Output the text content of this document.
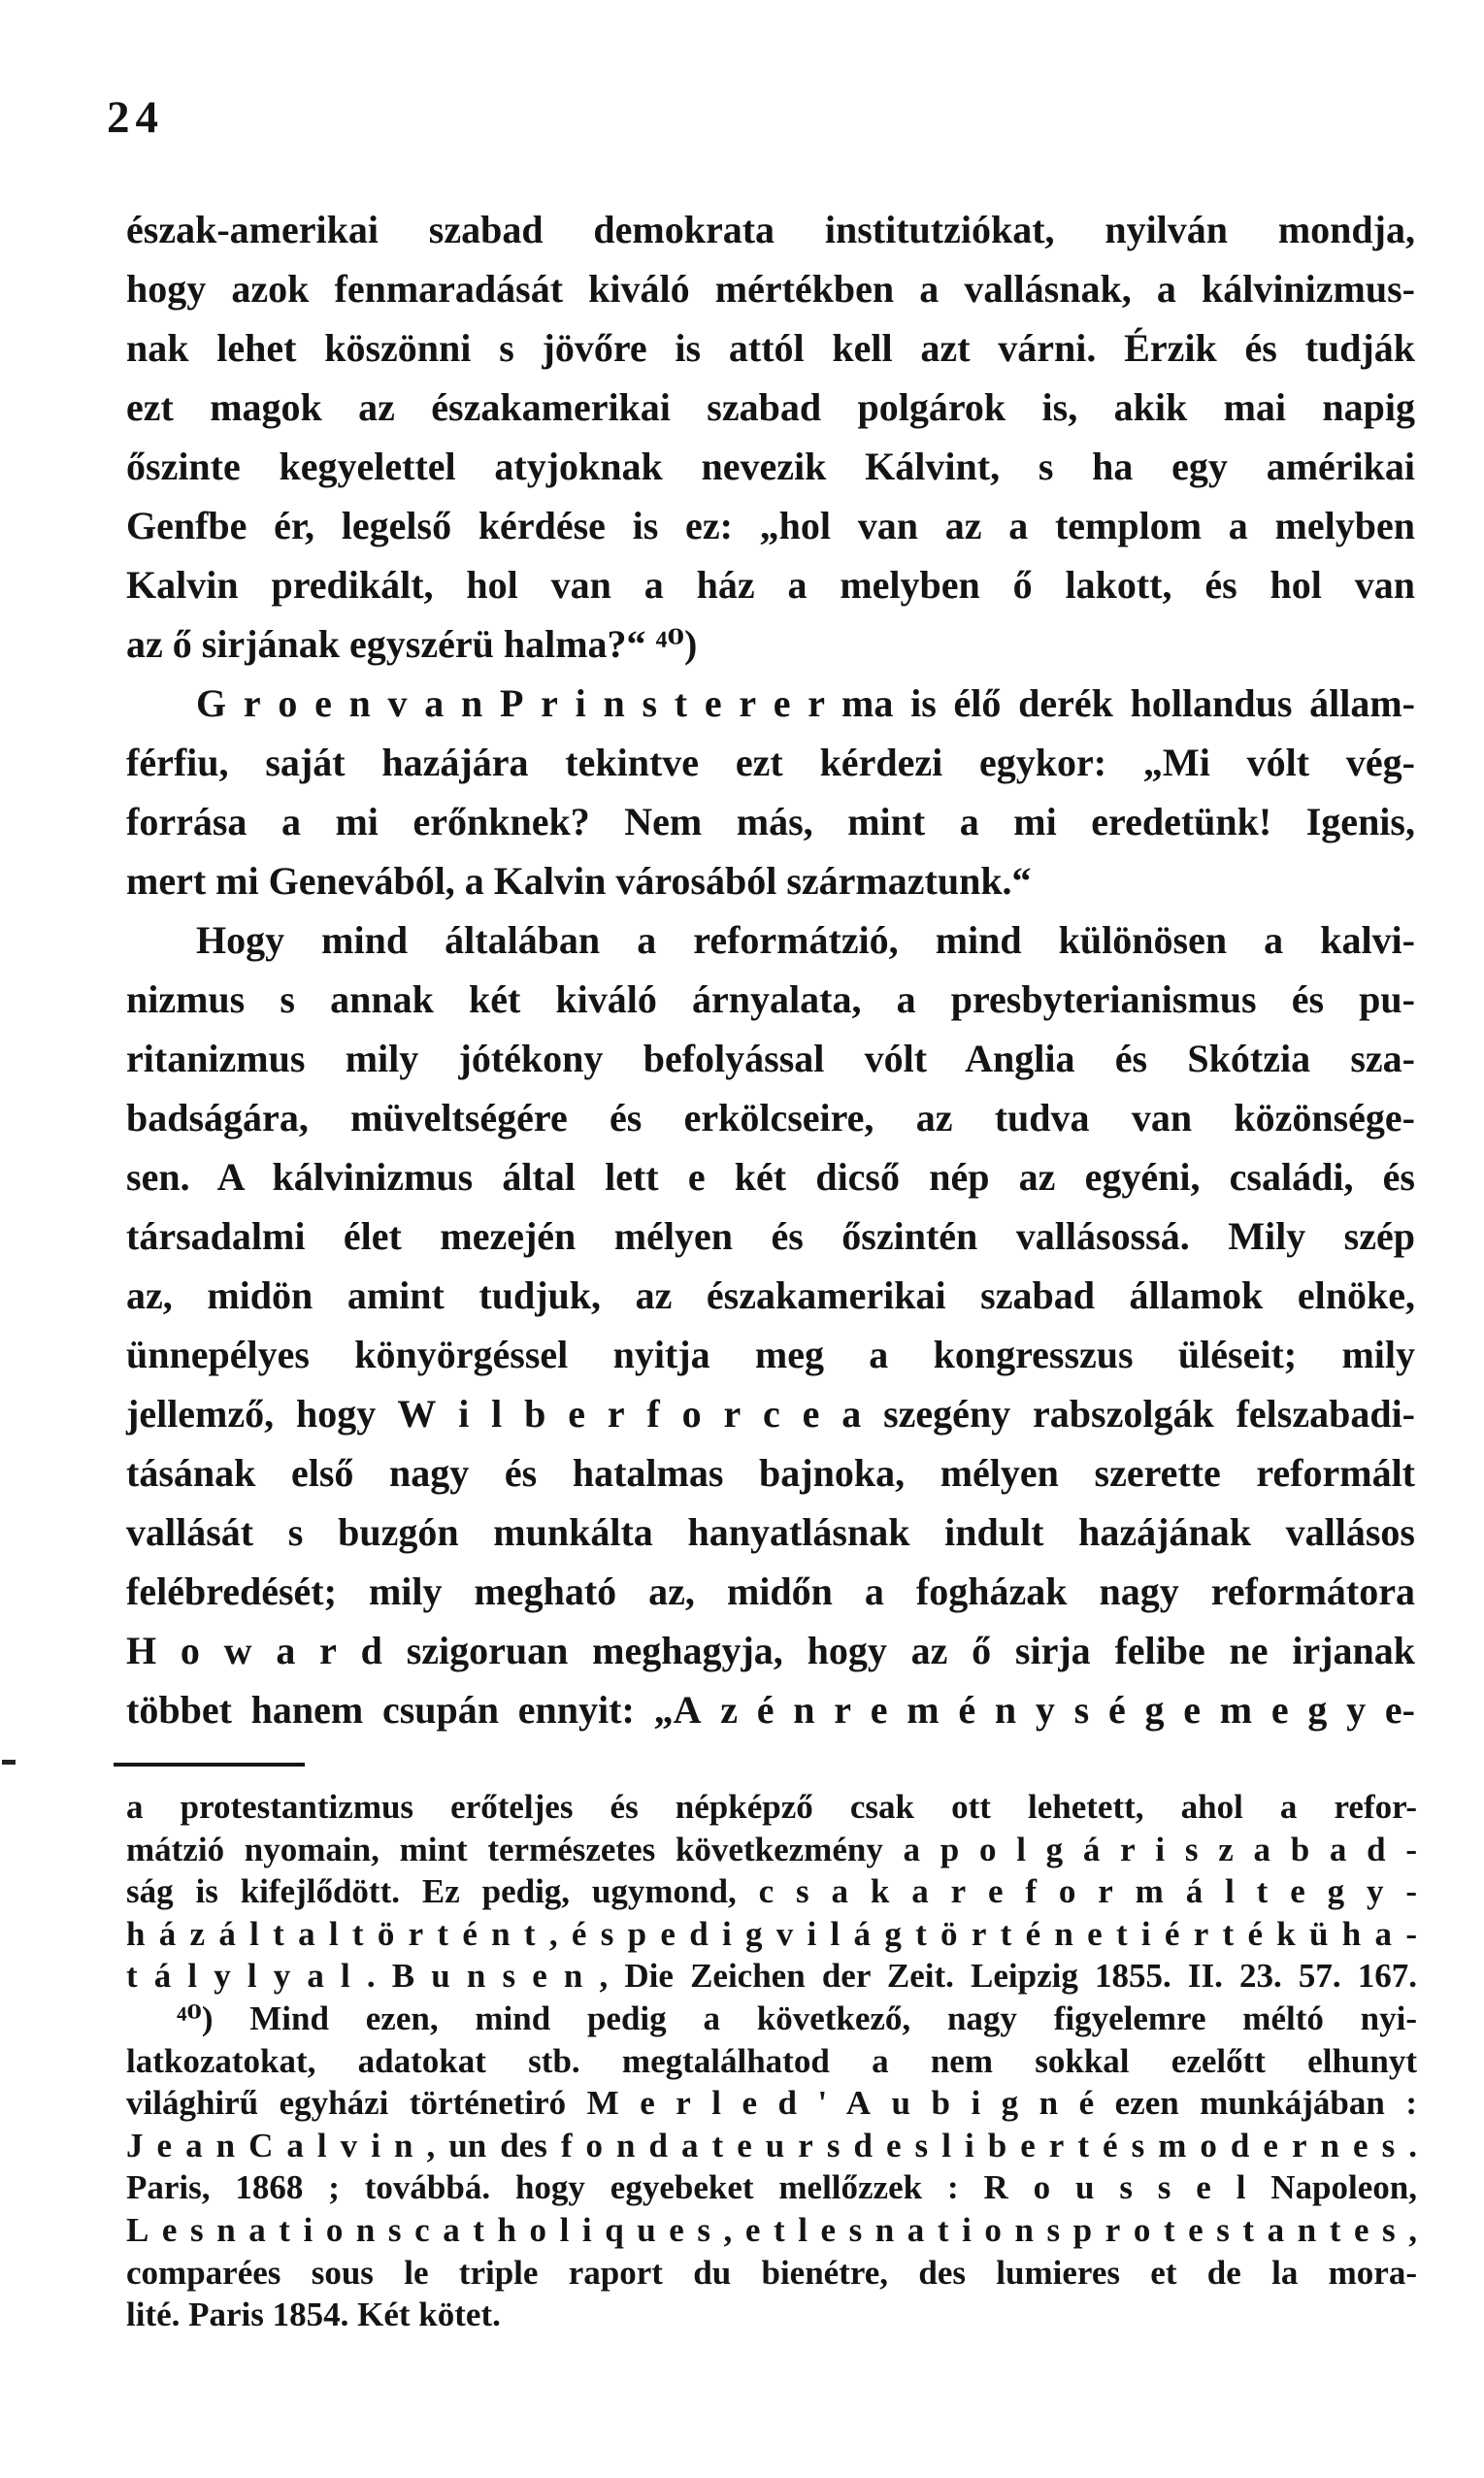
24
észak-amerikai szabad demokrata institutziókat, nyilván mondja,
hogy azok fenmaradását kiváló mértékben a vallásnak, a kálvinizmus-
nak lehet köszönni s jövőre is attól kell azt várni. Érzik és tudják
ezt magok az északamerikai szabad polgárok is, akik mai napig
őszinte kegyelettel atyjoknak nevezik Kálvint, s ha egy amérikai
Genfbe ér, legelső kérdése is ez: „hol van az a templom a melyben
Kalvin predikált, hol van a ház a melyben ő lakott, és hol van
az ő sirjának egyszérü halma?“ ⁴⁰)
G r o e n v a n P r i n s t e r e r ma is élő derék hollandus állam-
férfiu, saját hazájára tekintve ezt kérdezi egykor: „Mi vólt vég-
forrása a mi erőnknek? Nem más, mint a mi eredetünk! Igenis,
mert mi Genevából, a Kalvin városából származtunk.“
Hogy mind általában a reformátzió, mind különösen a kalvi-
nizmus s annak két kiváló árnyalata, a presbyterianismus és pu-
ritanizmus mily jótékony befolyással vólt Anglia és Skótzia sza-
badságára, müveltségére és erkölcseire, az tudva van közönsége-
sen. A kálvinizmus által lett e két dicső nép az egyéni, családi, és
társadalmi élet mezején mélyen és őszintén vallásossá. Mily szép
az, midön amint tudjuk, az északamerikai szabad államok elnöke,
ünnepélyes könyörgéssel nyitja meg a kongresszus üléseit; mily
jellemző, hogy W i l b e r f o r c e a szegény rabszolgák felszabadi-
tásának első nagy és hatalmas bajnoka, mélyen szerette reformált
vallását s buzgón munkálta hanyatlásnak indult hazájának vallásos
felébredését; mily megható az, midőn a fogházak nagy reformátora
H o w a r d szigoruan meghagyja, hogy az ő sirja felibe ne irjanak
többet hanem csupán ennyit: „A z é n r e m é n y s é g e m e g y e-
a protestantizmus erőteljes és népképző csak ott lehetett, ahol a refor-
mátzió nyomain, mint természetes következmény a p o l g á r i s z a b a d -
ság is kifejlődött. Ez pedig, ugymond, c s a k a r e f o r m á l t e g y -
h á z á l t a l t ö r t é n t , é s p e d i g v i l á g t ö r t é n e t i é r t é k ü h a -
t á l y l y a l . B u n s e n , Die Zeichen der Zeit. Leipzig 1855. II. 23. 57. 167.
⁴⁰) Mind ezen, mind pedig a következő, nagy figyelemre méltó nyi-
latkozatokat, adatokat stb. megtalálhatod a nem sokkal ezelőtt elhunyt
világhirű egyházi történetiró M e r l e d ' A u b i g n é ezen munkájában :
J e a n C a l v i n , un des f o n d a t e u r s d e s l i b e r t é s m o d e r n e s .
Paris, 1868 ; továbbá. hogy egyebeket mellőzzek : R o u s s e l Napoleon,
L e s n a t i o n s c a t h o l i q u e s , e t l e s n a t i o n s p r o t e s t a n t e s ,
comparées sous le triple raport du bienétre, des lumieres et de la mora-
lité. Paris 1854. Két kötet.
